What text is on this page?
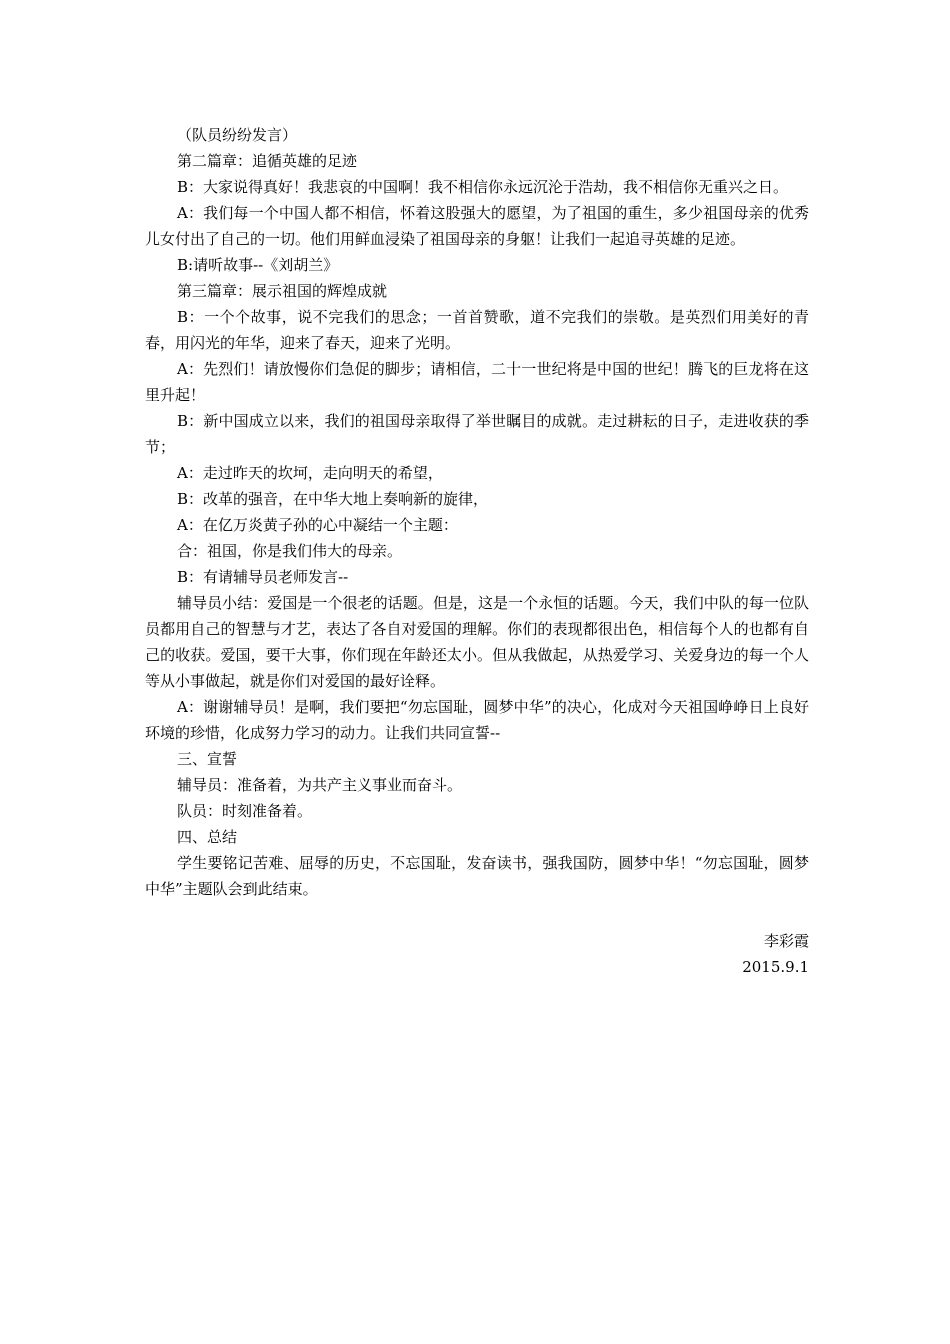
（队员纷纷发言）

第二篇章：追循英雄的足迹

B：大家说得真好！我悲哀的中国啊！我不相信你永远沉沦于浩劫，我不相信你无重兴之日。

A：我们每一个中国人都不相信，怀着这股强大的愿望，为了祖国的重生，多少祖国母亲的优秀儿女付出了自己的一切。他们用鲜血浸染了祖国母亲的身躯！让我们一起追寻英雄的足迹。

B:请听故事--《刘胡兰》

第三篇章：展示祖国的辉煌成就

B：一个个故事，说不完我们的思念；一首首赞歌，道不完我们的崇敬。是英烈们用美好的青春，用闪光的年华，迎来了春天，迎来了光明。

A：先烈们！请放慢你们急促的脚步；请相信，二十一世纪将是中国的世纪！腾飞的巨龙将在这里升起！

B：新中国成立以来，我们的祖国母亲取得了举世瞩目的成就。走过耕耘的日子，走进收获的季节；

A：走过昨天的坎坷，走向明天的希望，

B：改革的强音，在中华大地上奏响新的旋律，

A：在亿万炎黄子孙的心中凝结一个主题：

合：祖国，你是我们伟大的母亲。

B：有请辅导员老师发言--

辅导员小结：爱国是一个很老的话题。但是，这是一个永恒的话题。今天，我们中队的每一位队员都用自己的智慧与才艺，表达了各自对爱国的理解。你们的表现都很出色，相信每个人的也都有自己的收获。爱国，要干大事，你们现在年龄还太小。但从我做起，从热爱学习、关爱身边的每一个人等从小事做起，就是你们对爱国的最好诠释。

A：谢谢辅导员！是啊，我们要把“勿忘国耻，圆梦中华”的决心，化成对今天祖国峥峥日上良好环境的珍惜，化成努力学习的动力。让我们共同宣誓--

三、宣誓

辅导员：准备着，为共产主义事业而奋斗。

队员：时刻准备着。

四、总结

学生要铭记苦难、屈辱的历史，不忘国耻，发奋读书，强我国防，圆梦中华！“勿忘国耻，圆梦中华”主题队会到此结束。

李彩霞

2015.9.1
